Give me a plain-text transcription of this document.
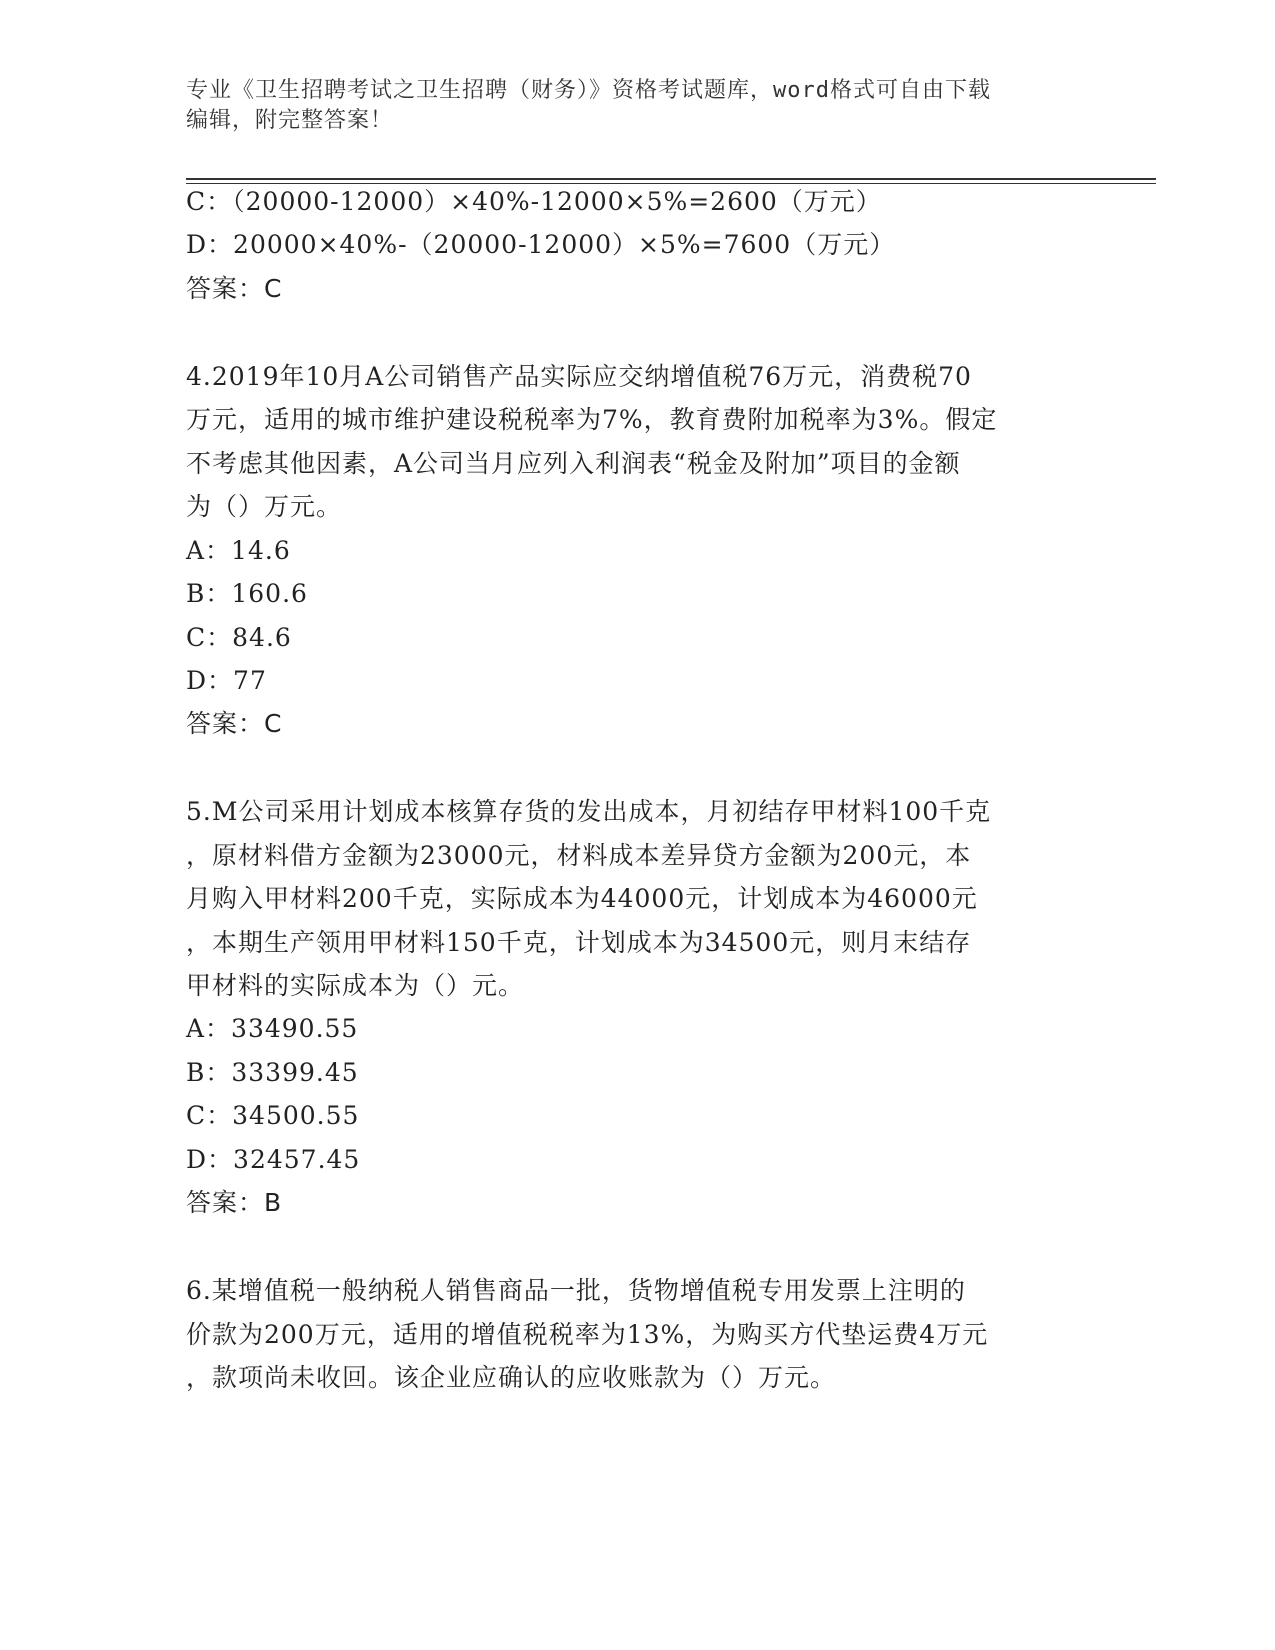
专业《卫生招聘考试之卫生招聘（财务）》资格考试题库，word格式可自由下载
编辑，附完整答案！
C：（20000-12000）×40%-12000×5%=2600（万元）
D：20000×40%-（20000-12000）×5%=7600（万元）
答案：C
4.2019年10月A公司销售产品实际应交纳增值税76万元，消费税70
万元，适用的城市维护建设税税率为7%，教育费附加税率为3%。假定
不考虑其他因素，A公司当月应列入利润表“税金及附加”项目的金额
为（）万元。
A：14.6
B：160.6
C：84.6
D：77
答案：C
5.M公司采用计划成本核算存货的发出成本，月初结存甲材料100千克
，原材料借方金额为23000元，材料成本差异贷方金额为200元，本
月购入甲材料200千克，实际成本为44000元，计划成本为46000元
，本期生产领用甲材料150千克，计划成本为34500元，则月末结存
甲材料的实际成本为（）元。
A：33490.55
B：33399.45
C：34500.55
D：32457.45
答案：B
6.某增值税一般纳税人销售商品一批，货物增值税专用发票上注明的
价款为200万元，适用的增值税税率为13%，为购买方代垫运费4万元
，款项尚未收回。该企业应确认的应收账款为（）万元。
